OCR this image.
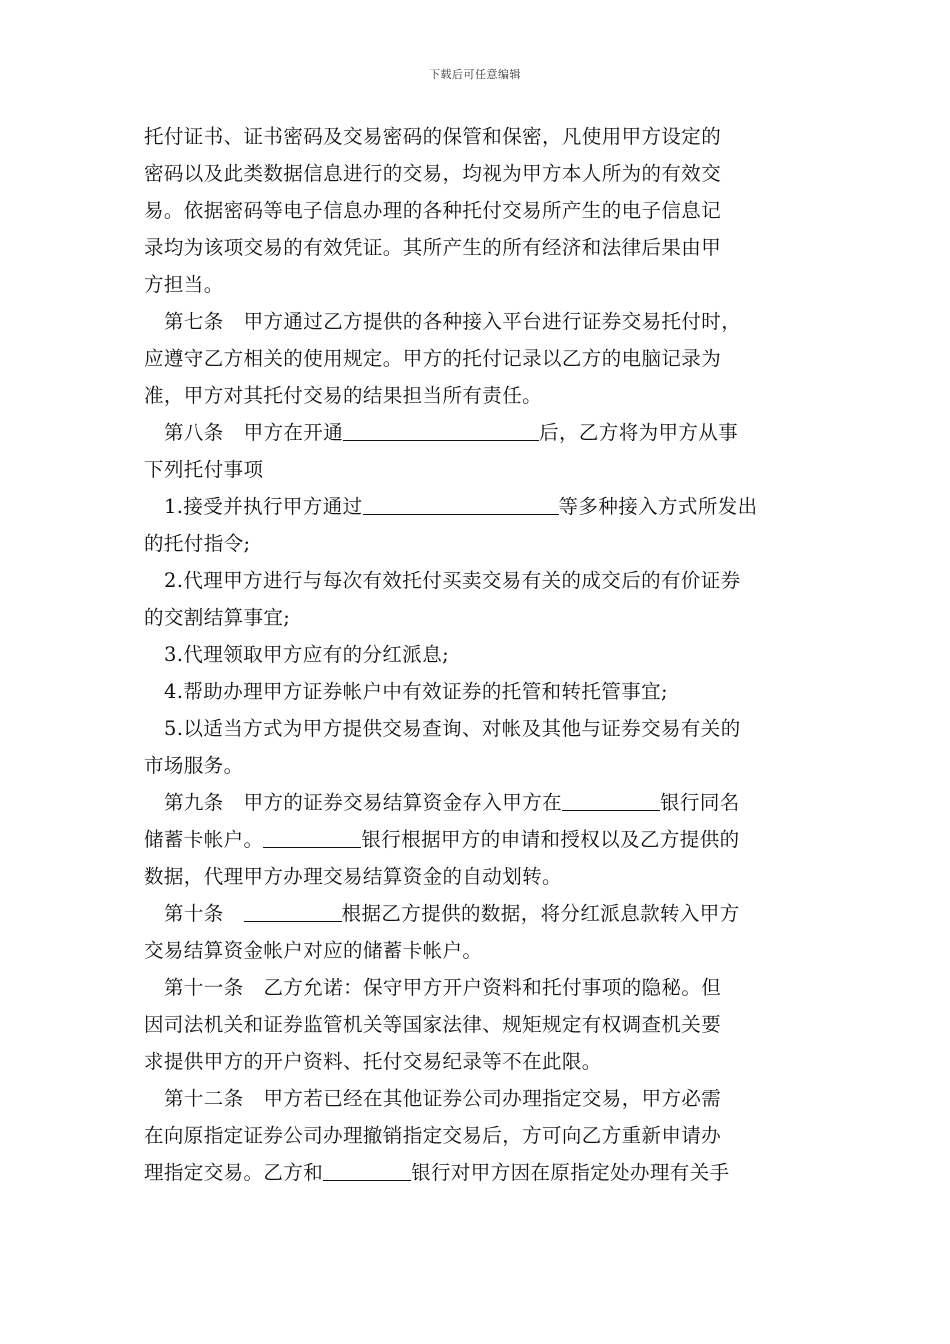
下载后可任意编辑
托付证书、证书密码及交易密码的保管和保密，凡使用甲方设定的
密码以及此类数据信息进行的交易，均视为甲方本人所为的有效交
易。依据密码等电子信息办理的各种托付交易所产生的电子信息记
录均为该项交易的有效凭证。其所产生的所有经济和法律后果由甲
方担当。
第七条　甲方通过乙方提供的各种接入平台进行证券交易托付时，
应遵守乙方相关的使用规定。甲方的托付记录以乙方的电脑记录为
准，甲方对其托付交易的结果担当所有责任。
第八条　甲方在开通	后，乙方将为甲方从事
下列托付事项
1.接受并执行甲方通过	等多种接入方式所发出
的托付指令;
2.代理甲方进行与每次有效托付买卖交易有关的成交后的有价证券
的交割结算事宜;
3.代理领取甲方应有的分红派息;
4.帮助办理甲方证券帐户中有效证券的托管和转托管事宜;
5.以适当方式为甲方提供交易查询、对帐及其他与证券交易有关的
市场服务。
第九条　甲方的证券交易结算资金存入甲方在	银行同名
储蓄卡帐户。	银行根据甲方的申请和授权以及乙方提供的
数据，代理甲方办理交易结算资金的自动划转。
第十条　	根据乙方提供的数据，将分红派息款转入甲方
交易结算资金帐户对应的储蓄卡帐户。
第十一条　乙方允诺：保守甲方开户资料和托付事项的隐秘。但
因司法机关和证券监管机关等国家法律、规矩规定有权调查机关要
求提供甲方的开户资料、托付交易纪录等不在此限。
第十二条　甲方若已经在其他证券公司办理指定交易，甲方必需
在向原指定证券公司办理撤销指定交易后，方可向乙方重新申请办
理指定交易。乙方和	银行对甲方因在原指定处办理有关手
